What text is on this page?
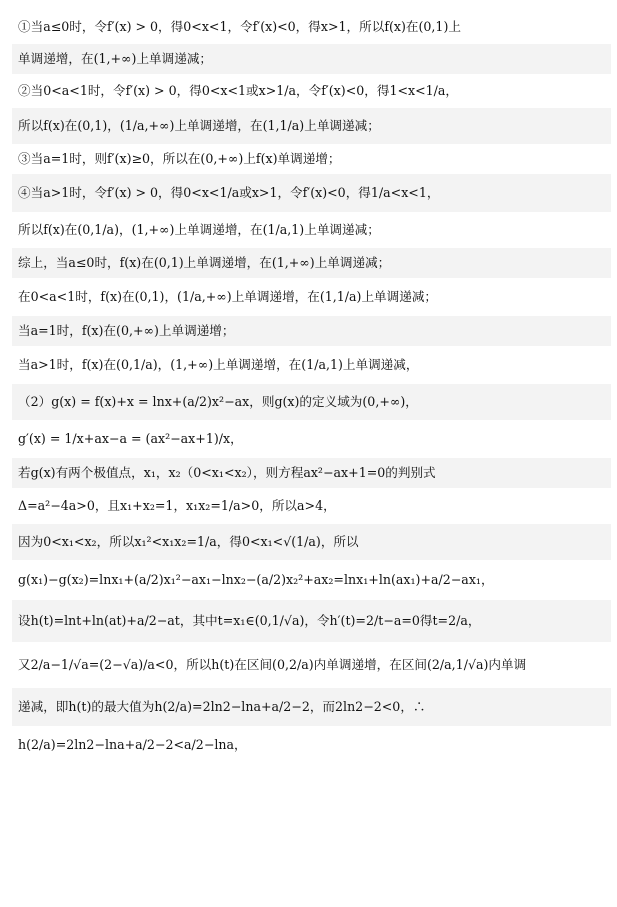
①当a≤0时，令f′(x) > 0，得0<x<1，令f′(x)<0，得x>1，所以f(x)在(0,1)上
单调递增，在(1,+∞)上单调递减；
②当0<a<1时，令f′(x) > 0，得0<x<1或x>1/a，令f′(x)<0，得1<x<1/a，
所以f(x)在(0,1)，(1/a,+∞)上单调递增，在(1,1/a)上单调递减；
③当a=1时，则f′(x)≥0，所以在(0,+∞)上f(x)单调递增；
④当a>1时，令f′(x) > 0，得0<x<1/a或x>1，令f′(x)<0，得1/a<x<1，
所以f(x)在(0,1/a)，(1,+∞)上单调递增，在(1/a,1)上单调递减；
综上，当a≤0时，f(x)在(0,1)上单调递增，在(1,+∞)上单调递减；
在0<a<1时，f(x)在(0,1)，(1/a,+∞)上单调递增，在(1,1/a)上单调递减；
当a=1时，f(x)在(0,+∞)上单调递增；
当a>1时，f(x)在(0,1/a)，(1,+∞)上单调递增，在(1/a,1)上单调递减，
（2）g(x) = f(x)+x = lnx+(a/2)x²−ax，则g(x)的定义域为(0,+∞)，
g′(x) = 1/x+ax−a = (ax²−ax+1)/x，
若g(x)有两个极值点，x₁，x₂（0<x₁<x₂），则方程ax²−ax+1=0的判别式
Δ=a²−4a>0，且x₁+x₂=1，x₁x₂=1/a>0，所以a>4，
因为0<x₁<x₂，所以x₁²<x₁x₂=1/a，得0<x₁<√(1/a)，所以
g(x₁)−g(x₂)=lnx₁+(a/2)x₁²−ax₁−lnx₂−(a/2)x₂²+ax₂=lnx₁+ln(ax₁)+a/2−ax₁，
设h(t)=lnt+ln(at)+a/2−at，其中t=x₁∈(0,1/√a)，令h′(t)=2/t−a=0得t=2/a，
又2/a−1/√a=(2−√a)/a<0，所以h(t)在区间(0,2/a)内单调递增，在区间(2/a,1/√a)内单调
递减，即h(t)的最大值为h(2/a)=2ln2−lna+a/2−2，而2ln2−2<0，∴
h(2/a)=2ln2−lna+a/2−2<a/2−lna，
